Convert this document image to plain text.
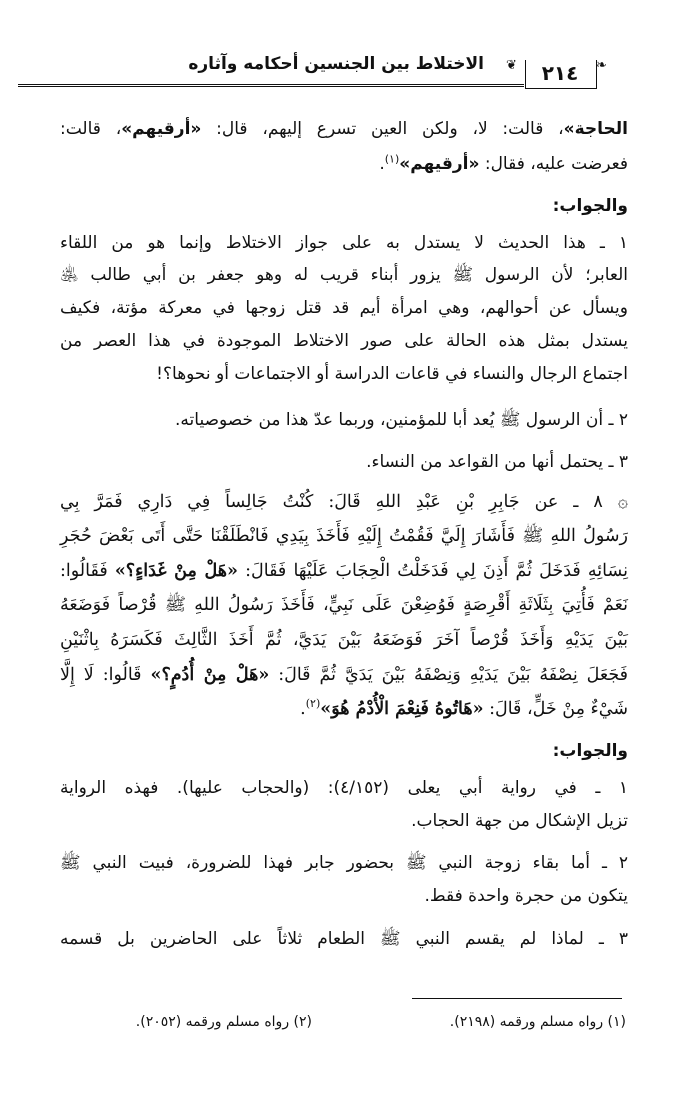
الاختلاط بين الجنسين أحكامه وآثاره ❦	٢١٤	❧
الحاجة»، قالت: لا، ولكن العين تسرع إليهم، قال: «أرقيهم»، قالت:
فعرضت عليه، فقال: «أرقيهم»$^{(١)}$.
والجواب:
١ ـ هذا الحديث لا يستدل به على جواز الاختلاط وإنما هو من اللقاء
العابر؛ لأن الرسول ﷺ يزور أبناء قريب له وهو جعفر بن أبي طالب ﵁
ويسأل عن أحوالهم، وهي امرأة أيم قد قتل زوجها في معركة مؤتة، فكيف
يستدل بمثل هذه الحالة على صور الاختلاط الموجودة في هذا العصر من
اجتماع الرجال والنساء في قاعات الدراسة أو الاجتماعات أو نحوها؟!
٢ ـ أن الرسول ﷺ يُعد أبا للمؤمنين، وربما عدّ هذا من خصوصياته.
٣ ـ يحتمل أنها من القواعد من النساء.
۞ ٨ ـ عن جَابِرِ بْنِ عَبْدِ اللهِ قَالَ: كُنْتُ جَالِساً فِي دَارِي فَمَرَّ بِي
رَسُولُ اللهِ ﷺ فَأَشَارَ إِلَيَّ فَقُمْتُ إِلَيْهِ فَأَخَذَ بِيَدِي فَانْطَلَقْنَا حَتَّى أَتَى بَعْضَ حُجَرِ
نِسَائِهِ فَدَخَلَ ثُمَّ أَذِنَ لِي فَدَخَلْتُ الْحِجَابَ عَلَيْهَا فَقَالَ: «هَلْ مِنْ غَدَاءٍ؟» فَقَالُوا:
نَعَمْ فَأُتِيَ بِثَلَاثَةِ أَقْرِصَةٍ فَوُضِعْنَ عَلَى نَبِيٍّ، فَأَخَذَ رَسُولُ اللهِ ﷺ قُرْصاً فَوَضَعَهُ
بَيْنَ يَدَيْهِ وَأَخَذَ قُرْصاً آخَرَ فَوَضَعَهُ بَيْنَ يَدَيَّ، ثُمَّ أَخَذَ الثَّالِثَ فَكَسَرَهُ بِاثْنَيْنِ
فَجَعَلَ نِصْفَهُ بَيْنَ يَدَيْهِ وَنِصْفَهُ بَيْنَ يَدَيَّ ثُمَّ قَالَ: «هَلْ مِنْ أُدُمٍ؟» قَالُوا: لَا إِلَّا
شَيْءٌ مِنْ خَلٍّ، قَالَ: «هَاتُوهُ فَنِعْمَ الْأُدْمُ هُوَ»$^{(٢)}$.
والجواب:
١ ـ في رواية أبي يعلى (٤/١٥٢): (والحجاب عليها). فهذه الرواية
تزيل الإشكال من جهة الحجاب.
٢ ـ أما بقاء زوجة النبي ﷺ بحضور جابر فهذا للضرورة، فبيت النبي ﷺ
يتكون من حجرة واحدة فقط.
٣ ـ لماذا لم يقسم النبي ﷺ الطعام ثلاثاً على الحاضرين بل قسمه
(١) رواه مسلم ورقمه (٢١٩٨).
(٢) رواه مسلم ورقمه (٢٠٥٢).
